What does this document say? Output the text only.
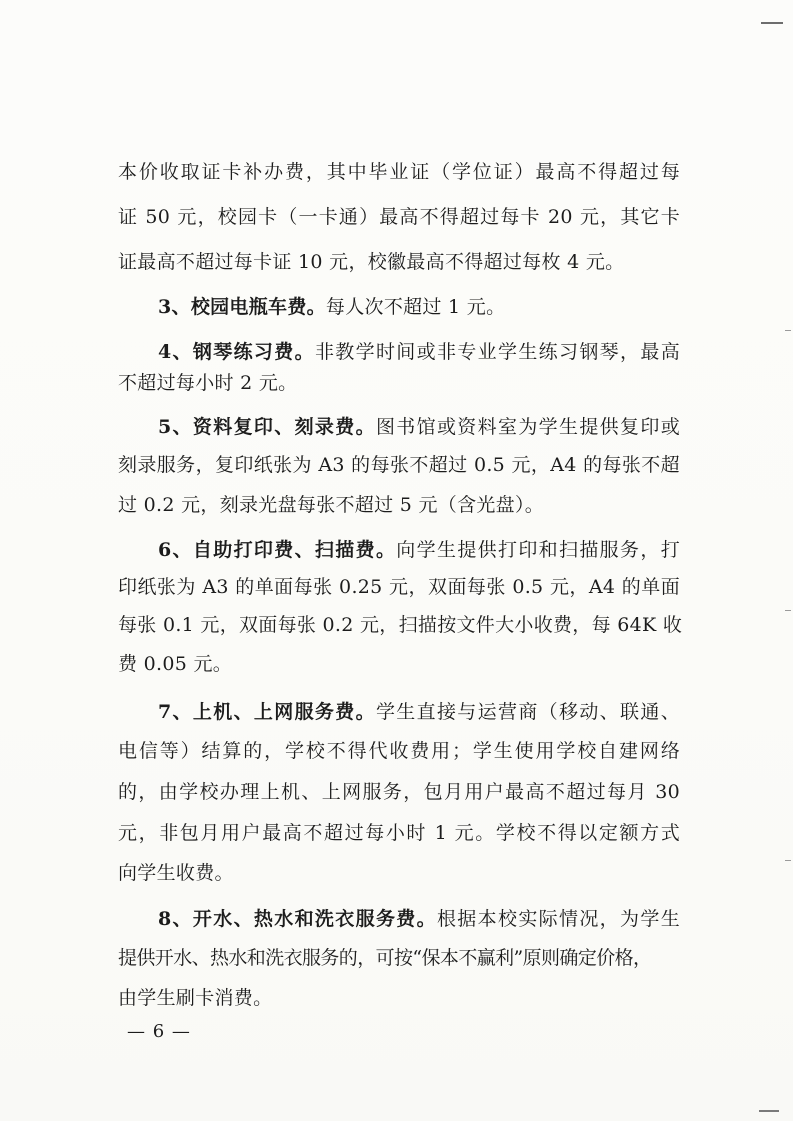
本价收取证卡补办费，其中毕业证（学位证）最高不得超过每
证 50 元，校园卡（一卡通）最高不得超过每卡 20 元，其它卡
证最高不超过每卡证 10 元，校徽最高不得超过每枚 4 元。
3、校园电瓶车费。每人次不超过 1 元。
4、钢琴练习费。非教学时间或非专业学生练习钢琴，最高
不超过每小时 2 元。
5、资料复印、刻录费。图书馆或资料室为学生提供复印或
刻录服务，复印纸张为 A3 的每张不超过 0.5 元，A4 的每张不超
过 0.2 元，刻录光盘每张不超过 5 元（含光盘）。
6、自助打印费、扫描费。向学生提供打印和扫描服务，打
印纸张为 A3 的单面每张 0.25 元，双面每张 0.5 元，A4 的单面
每张 0.1 元，双面每张 0.2 元，扫描按文件大小收费，每 64K 收
费 0.05 元。
7、上机、上网服务费。学生直接与运营商（移动、联通、
电信等）结算的，学校不得代收费用；学生使用学校自建网络
的，由学校办理上机、上网服务，包月用户最高不超过每月 30
元，非包月用户最高不超过每小时 1 元。学校不得以定额方式
向学生收费。
8、开水、热水和洗衣服务费。根据本校实际情况，为学生
提供开水、热水和洗衣服务的，可按“保本不赢利”原则确定价格，
由学生刷卡消费。
— 6 —
